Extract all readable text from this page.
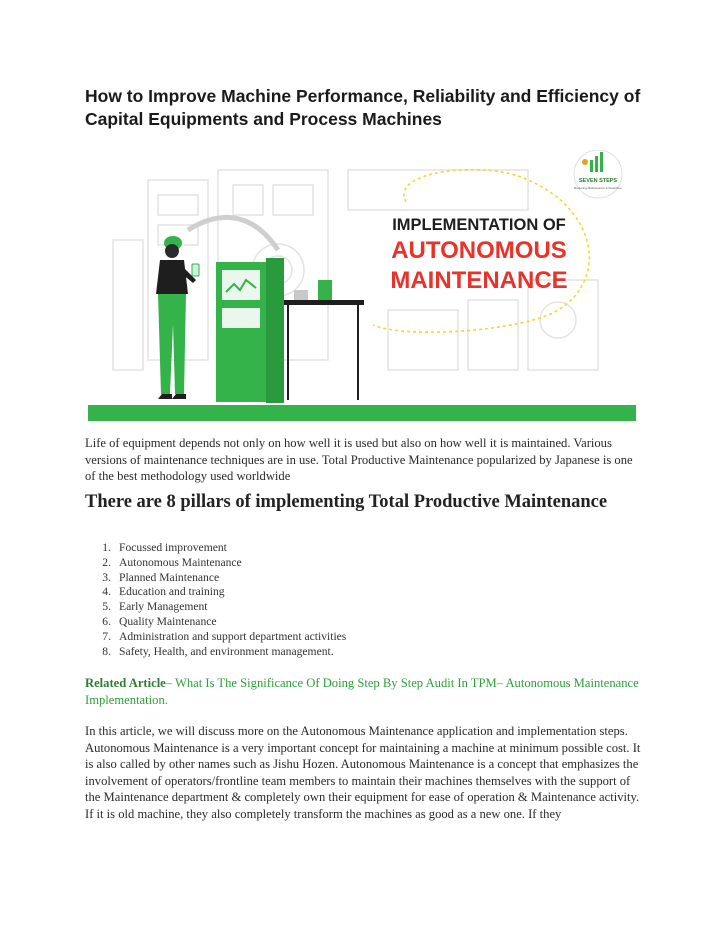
How to Improve Machine Performance, Reliability and Efficiency of Capital Equipments and Process Machines
SEVEN STEPS
Reducing Maintenance & Downtime
IMPLEMENTATION OF
AUTONOMOUS
MAINTENANCE

Life of equipment depends not only on how well it is used but also on how well it is maintained. Various versions of maintenance techniques are in use. Total Productive Maintenance popularized by Japanese is one of the best methodology used worldwide

There are 8 pillars of implementing Total Productive Maintenance
1. Focussed improvement
2. Autonomous Maintenance
3. Planned Maintenance
4. Education and training
5. Early Management
6. Quality Maintenance
7. Administration and support department activities
8. Safety, Health, and environment management.

Related Article– What Is The Significance Of Doing Step By Step Audit In TPM– Autonomous Maintenance Implementation.

In this article, we will discuss more on the Autonomous Maintenance application and implementation steps. Autonomous Maintenance is a very important concept for maintaining a machine at minimum possible cost. It is also called by other names such as Jishu Hozen. Autonomous Maintenance is a concept that emphasizes the involvement of operators/frontline team members to maintain their machines themselves with the support of the Maintenance department & completely own their equipment for ease of operation & Maintenance activity. If it is old machine, they also completely transform the machines as good as a new one. If they
